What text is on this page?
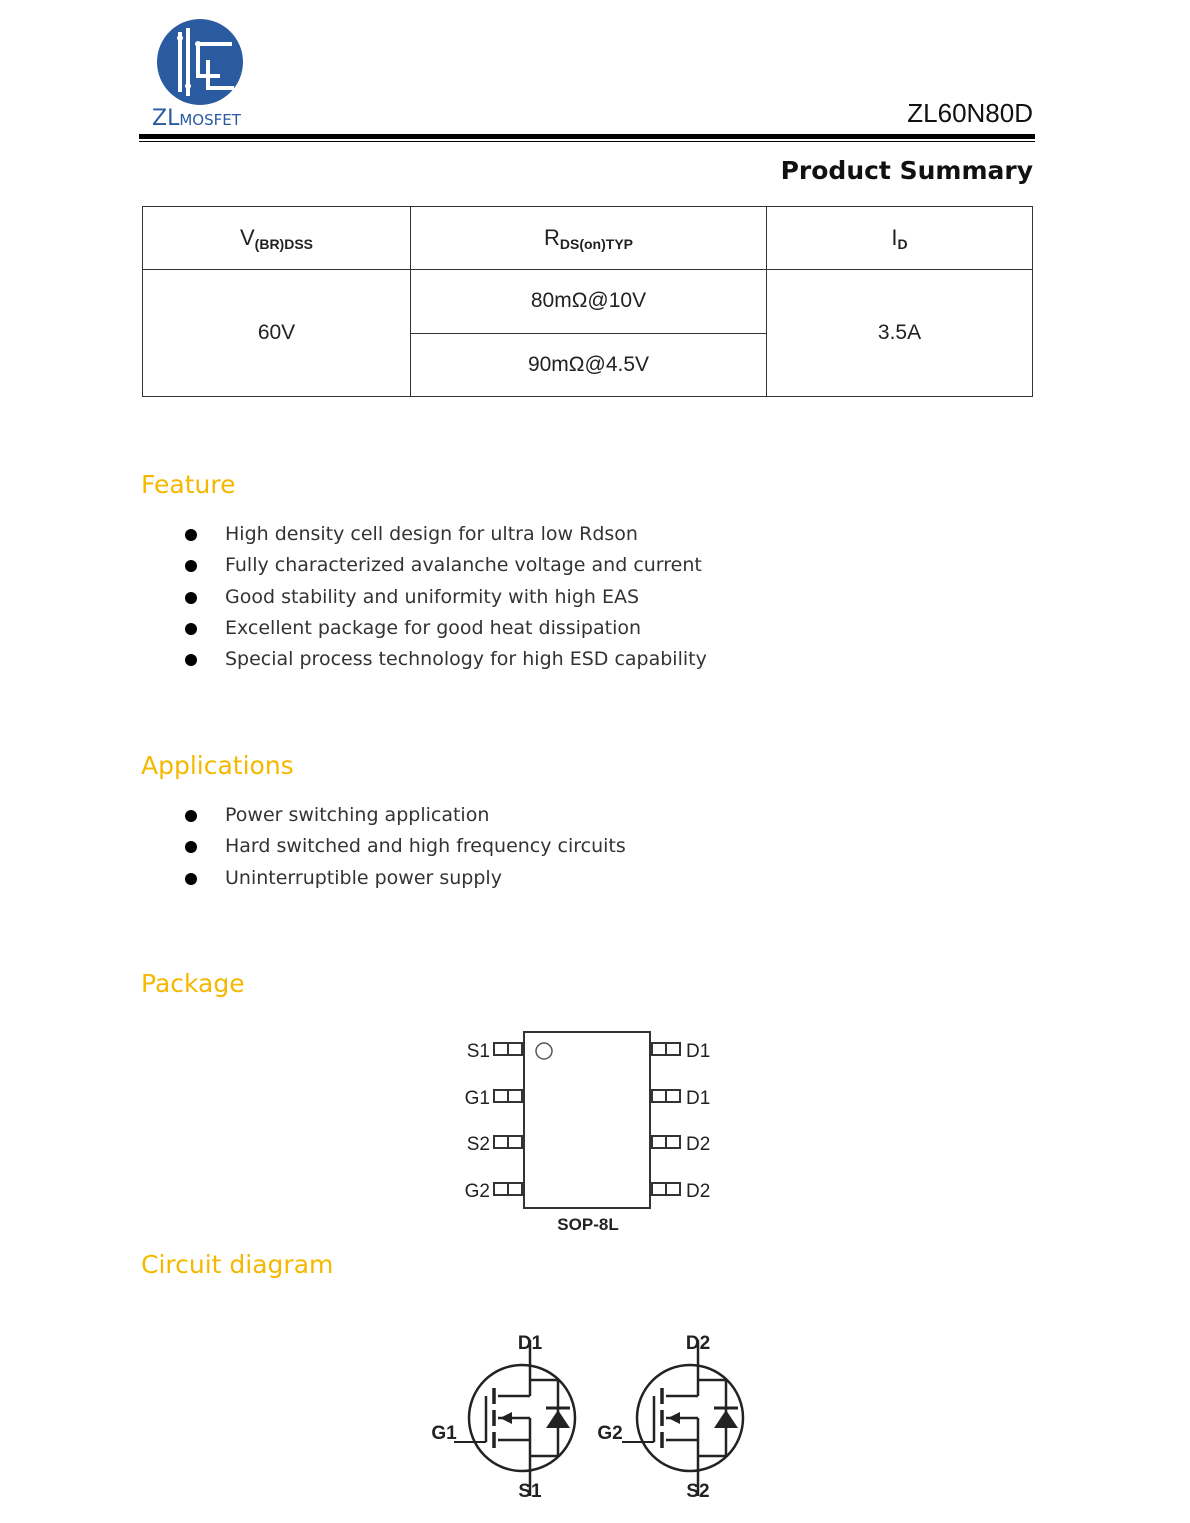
ZLMOSFET	ZL60N80D
Product Summary
$V_{(BR)DSS}$	$R_{DS(on)TYP}$	$I_D$
60V	80mΩ@10V	3.5A
	90mΩ@4.5V	
Feature
High density cell design for ultra low Rdson
Fully characterized avalanche voltage and current
Good stability and uniformity with high EAS
Excellent package for good heat dissipation
Special process technology for high ESD capability
Applications
Power switching application
Hard switched and high frequency circuits
Uninterruptible power supply
Package
S1
G1
S2
G2
D1
D1
D2
D2
SOP-8L
Circuit diagram
D1
G1
S1
D2
G2
S2
